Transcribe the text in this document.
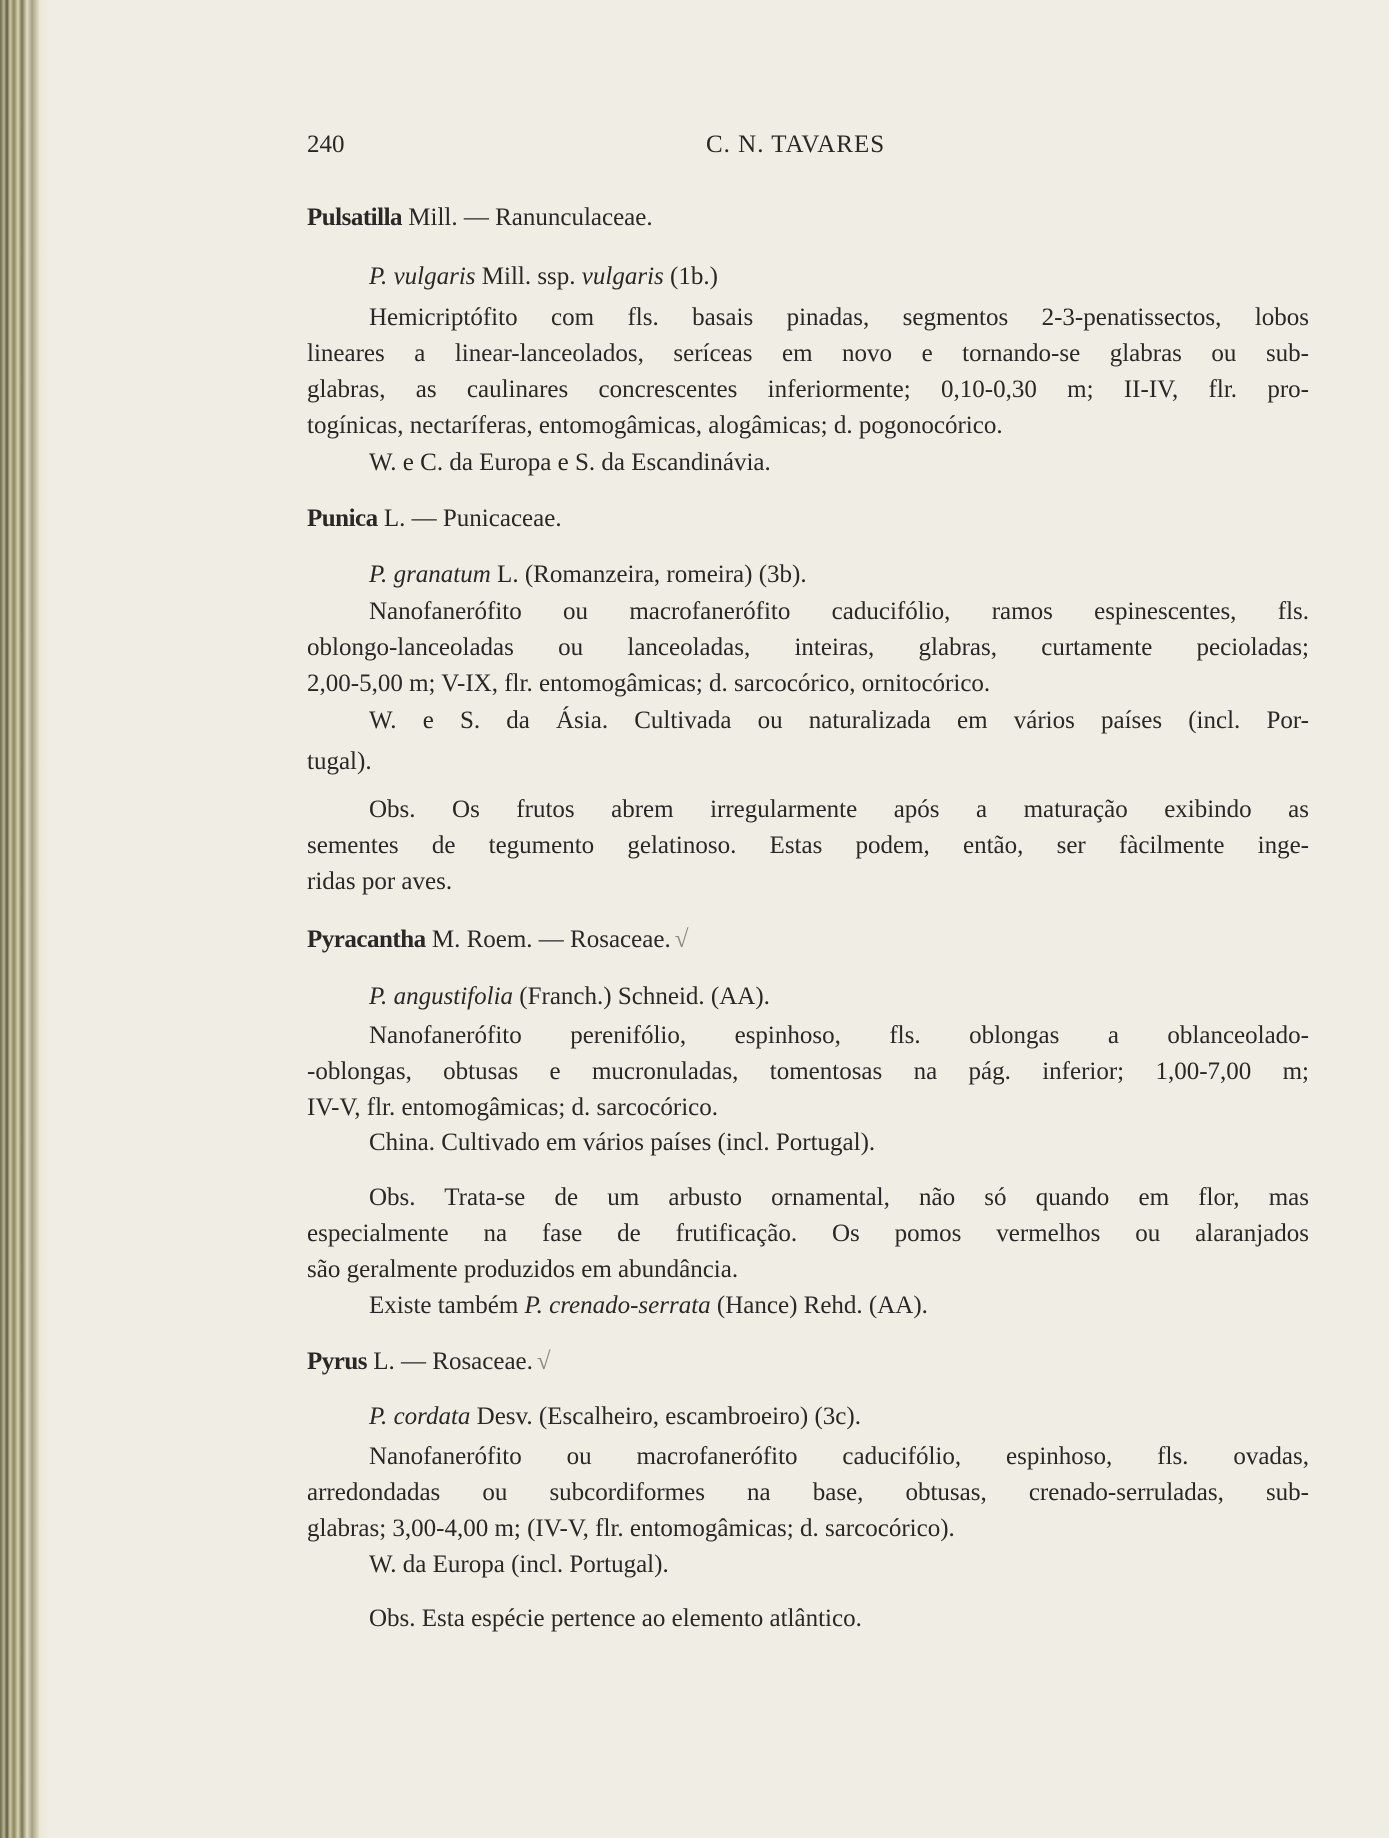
240	C. N. TAVARES
Pulsatilla Mill. — Ranunculaceae.
P. vulgaris Mill. ssp. vulgaris (1b.)
Hemicriptófito com fls. basais pinadas, segmentos 2-3-penatissectos, lobos
lineares a linear-lanceolados, seríceas em novo e tornando-se glabras ou sub-
glabras, as caulinares concrescentes inferiormente; 0,10-0,30 m; II-IV, flr. pro-
togínicas, nectaríferas, entomogâmicas, alogâmicas; d. pogonocórico.
W. e C. da Europa e S. da Escandinávia.
Punica L. — Punicaceae.
P. granatum L. (Romanzeira, romeira) (3b).
Nanofanerófito ou macrofanerófito caducifólio, ramos espinescentes, fls.
oblongo-lanceoladas ou lanceoladas, inteiras, glabras, curtamente pecioladas;
2,00-5,00 m; V-IX, flr. entomogâmicas; d. sarcocórico, ornitocórico.
W. e S. da Ásia. Cultivada ou naturalizada em vários países (incl. Por-
tugal).
Obs. Os frutos abrem irregularmente após a maturação exibindo as
sementes de tegumento gelatinoso. Estas podem, então, ser fàcilmente inge-
ridas por aves.
Pyracantha M. Roem. — Rosaceae. √
P. angustifolia (Franch.) Schneid. (AA).
Nanofanerófito perenifólio, espinhoso, fls. oblongas a oblanceolado-
-oblongas, obtusas e mucronuladas, tomentosas na pág. inferior; 1,00-7,00 m;
IV-V, flr. entomogâmicas; d. sarcocórico.
China. Cultivado em vários países (incl. Portugal).
Obs. Trata-se de um arbusto ornamental, não só quando em flor, mas
especialmente na fase de frutificação. Os pomos vermelhos ou alaranjados
são geralmente produzidos em abundância.
Existe também P. crenado-serrata (Hance) Rehd. (AA).
Pyrus L. — Rosaceae. √
P. cordata Desv. (Escalheiro, escambroeiro) (3c).
Nanofanerófito ou macrofanerófito caducifólio, espinhoso, fls. ovadas,
arredondadas ou subcordiformes na base, obtusas, crenado-serruladas, sub-
glabras; 3,00-4,00 m; (IV-V, flr. entomogâmicas; d. sarcocórico).
W. da Europa (incl. Portugal).
Obs. Esta espécie pertence ao elemento atlântico.
